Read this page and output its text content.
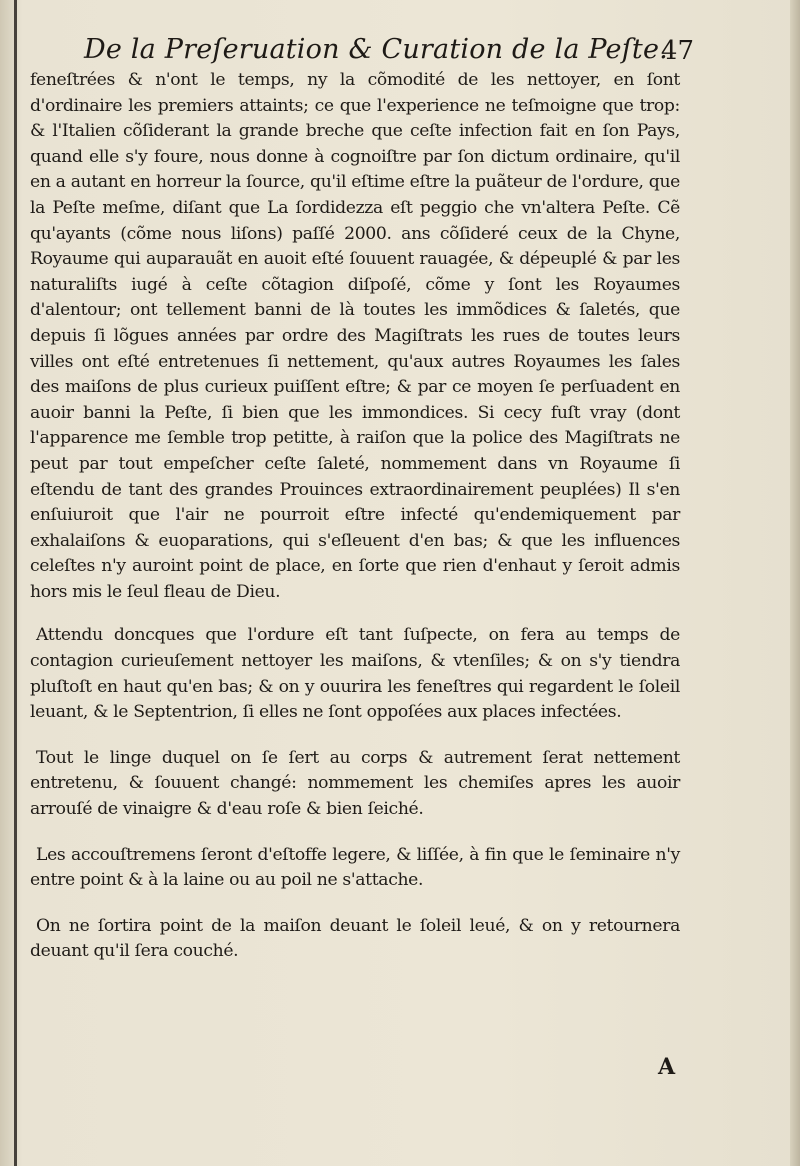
De la Preſeruation & Curation de la Peſte.
47

feneſtrées & n'ont le temps, ny la cõmodité de les nettoyer, en ſont d'ordinaire les premiers attaints; ce que l'experience ne teſmoigne que trop: & l'Italien cõſiderant la grande breche que ceſte infection fait en ſon Pays, quand elle s'y foure, nous donne à cognoiſtre par ſon dictum ordinaire, qu'il en a autant en horreur la ſource, qu'il eſtime eſtre la puãteur de l'ordure, que la Peſte meſme, diſant que La ſordidezza eſt peggio che vn'altera Peſte. Cẽ qu'ayants (cõme nous liſons) paſſé 2000. ans cõſideré ceux de la Chyne, Royaume qui auparauãt en auoit eſté ſouuent rauagée, & dépeuplé & par les naturaliſts iugé à ceſte cõtagion diſpoſé, cõme y ſont les Royaumes d'alentour; ont tellement banni de là toutes les immõdices & ſaletés, que depuis ſi lõgues années par ordre des Magiſtrats les rues de toutes leurs villes ont eſté entretenues ſi nettement, qu'aux autres Royaumes les ſales des maiſons de plus curieux puiſſent eſtre; & par ce moyen ſe perſuadent en auoir banni la Peſte, ſi bien que les immondices. Si cecy fuſt vray (dont l'apparence me ſemble trop petitte, à raiſon que la police des Magiſtrats ne peut par tout empeſcher ceſte ſaleté, nommement dans vn Royaume ſi eſtendu de tant des grandes Prouinces extraordinairement peuplées) Il s'en enſuiuroit que l'air ne pourroit eſtre infecté qu'endemiquement par exhalaiſons & euoparations, qui s'eſleuent d'en bas; & que les influences celeſtes n'y auroint point de place, en ſorte que rien d'enhaut y ſeroit admis hors mis le ſeul fleau de Dieu.

Attendu doncques que l'ordure eſt tant ſuſpecte, on fera au temps de contagion curieuſement nettoyer les maiſons, & vtenſiles; & on s'y tiendra pluſtoſt en haut qu'en bas; & on y ouurira les feneſtres qui regardent le ſoleil leuant, & le Septentrion, ſi elles ne ſont oppoſées aux places infectées.

Tout le linge duquel on ſe ſert au corps & autrement ſerat nettement entretenu, & ſouuent changé: nommement les chemiſes apres les auoir arrouſé de vinaigre & d'eau roſe & bien ſeiché.

Les accouſtremens ſeront d'eſtoffe legere, & liſſée, à fin que le ſeminaire n'y entre point & à la laine ou au poil ne s'attache.

On ne ſortira point de la maiſon deuant le ſoleil leué, & on y retournera deuant qu'il ſera couché.

A
